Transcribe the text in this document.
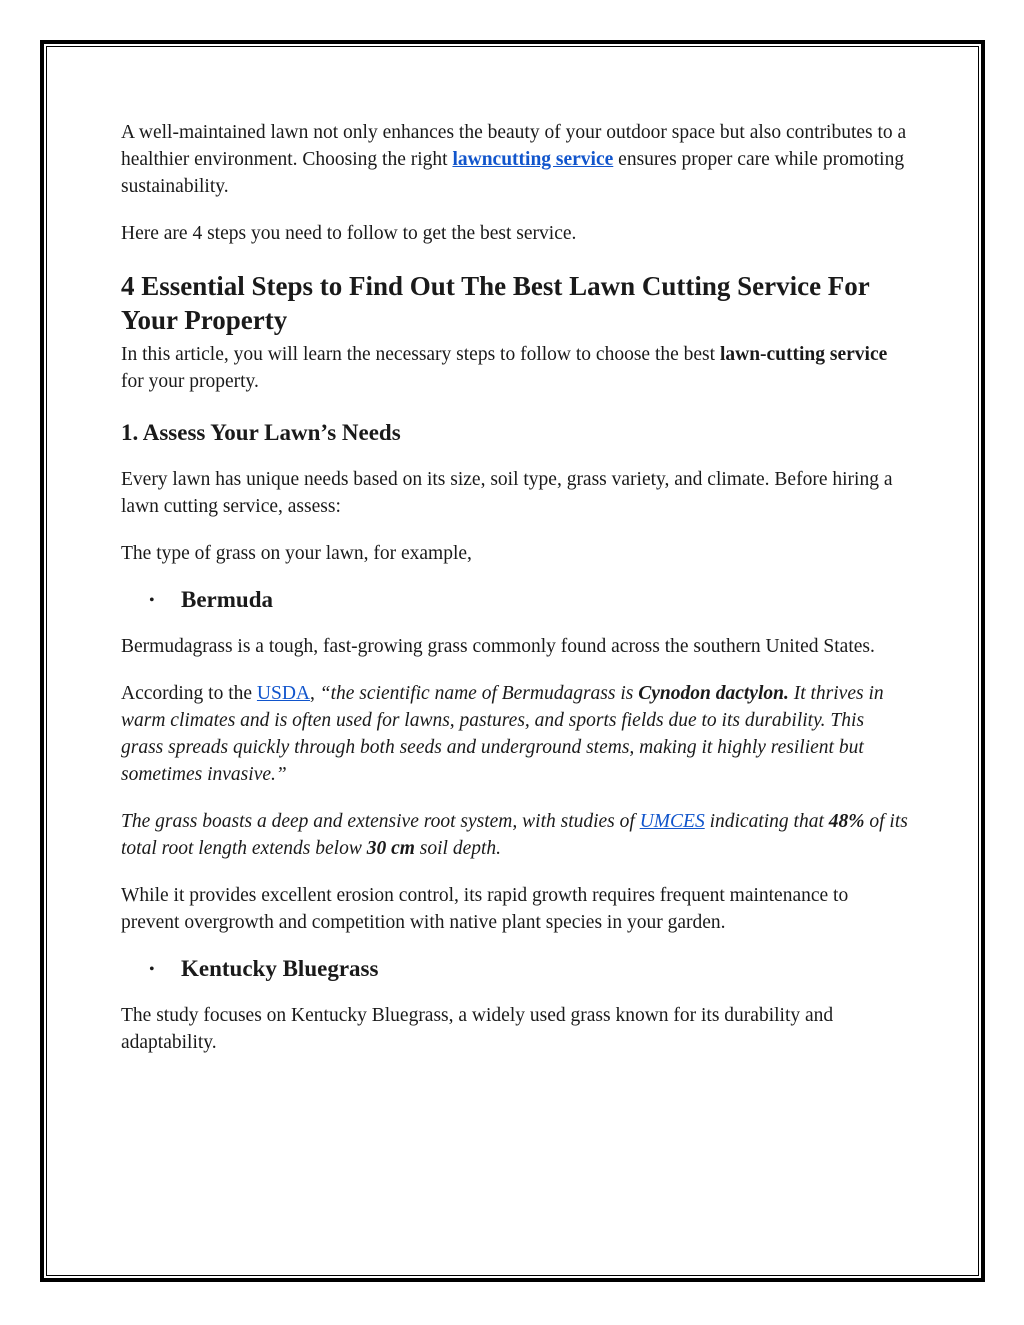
A well-maintained lawn not only enhances the beauty of your outdoor space but also contributes to a healthier environment. Choosing the right lawncutting service ensures proper care while promoting sustainability.

Here are 4 steps you need to follow to get the best service.

4 Essential Steps to Find Out The Best Lawn Cutting Service For Your Property

In this article, you will learn the necessary steps to follow to choose the best lawn-cutting service for your property.

1. Assess Your Lawn’s Needs

Every lawn has unique needs based on its size, soil type, grass variety, and climate. Before hiring a lawn cutting service, assess:

The type of grass on your lawn, for example,

•	Bermuda

Bermudagrass is a tough, fast-growing grass commonly found across the southern United States.

According to the USDA, “the scientific name of Bermudagrass is Cynodon dactylon. It thrives in warm climates and is often used for lawns, pastures, and sports fields due to its durability. This grass spreads quickly through both seeds and underground stems, making it highly resilient but sometimes invasive.”

The grass boasts a deep and extensive root system, with studies of UMCES indicating that 48% of its total root length extends below 30 cm soil depth.

While it provides excellent erosion control, its rapid growth requires frequent maintenance to prevent overgrowth and competition with native plant species in your garden.

•	Kentucky Bluegrass

The study focuses on Kentucky Bluegrass, a widely used grass known for its durability and adaptability.
